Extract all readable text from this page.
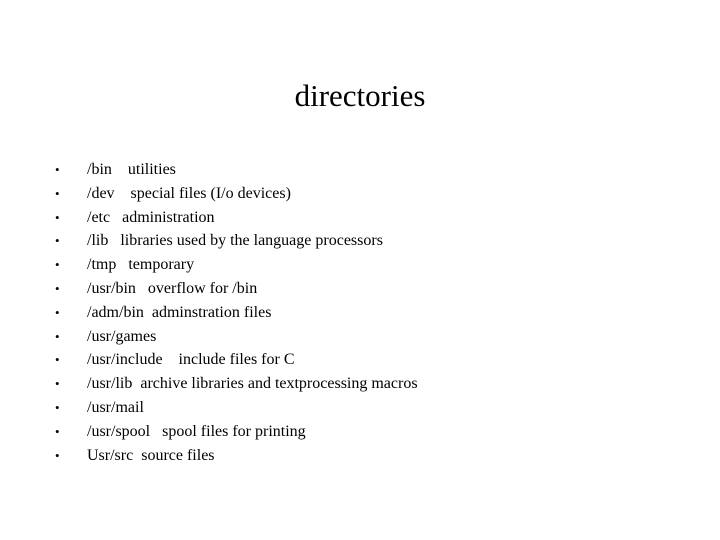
directories
•	/bin    utilities
•	/dev    special files (I/o devices)
•	/etc   administration
•	/lib   libraries used by the language processors
•	/tmp   temporary
•	/usr/bin   overflow for /bin
•	/adm/bin  adminstration files
•	/usr/games
•	/usr/include    include files for C
•	/usr/lib  archive libraries and textprocessing macros
•	/usr/mail
•	/usr/spool   spool files for printing
•	Usr/src  source files
